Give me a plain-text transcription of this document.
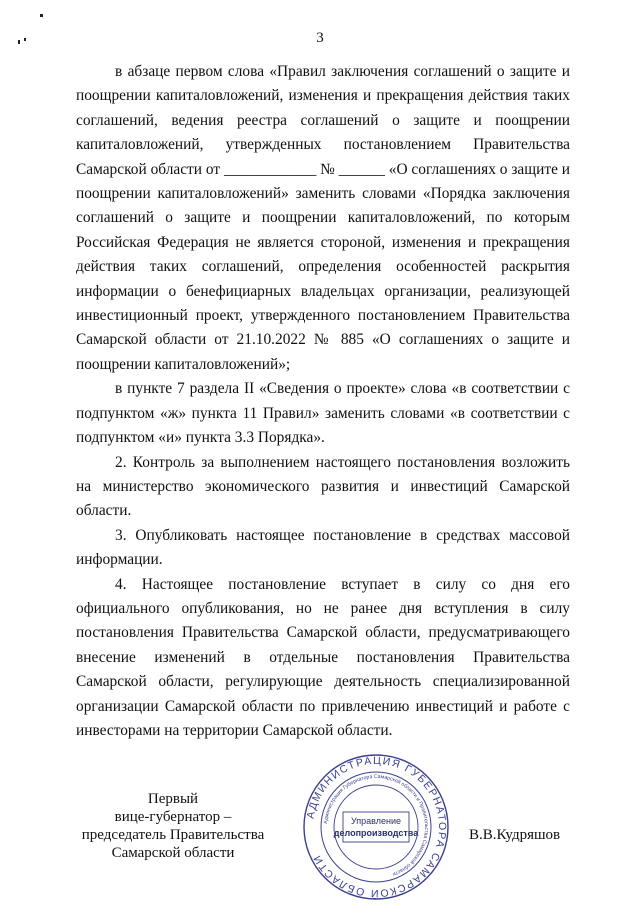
3

в абзаце первом слова «Правил заключения соглашений о защите и поощрении капиталовложений, изменения и прекращения действия таких соглашений, ведения реестра соглашений о защите и поощрении капиталовложений, утвержденных постановлением Правительства Самарской области от ____________ № ______ «О соглашениях о защите и поощрении капиталовложений» заменить словами «Порядка заключения соглашений о защите и поощрении капиталовложений, по которым Российская Федерация не является стороной, изменения и прекращения действия таких соглашений, определения особенностей раскрытия информации о бенефициарных владельцах организации, реализующей инвестиционный проект, утвержденного постановлением Правительства Самарской области от 21.10.2022 № 885 «О соглашениях о защите и поощрении капиталовложений»;

в пункте 7 раздела II «Сведения о проекте» слова «в соответствии с подпунктом «ж» пункта 11 Правил» заменить словами «в соответствии с подпунктом «и» пункта 3.3 Порядка».

2. Контроль за выполнением настоящего постановления возложить на министерство экономического развития и инвестиций Самарской области.

3. Опубликовать настоящее постановление в средствах массовой информации.

4. Настоящее постановление вступает в силу со дня его официального опубликования, но не ранее дня вступления в силу постановления Правительства Самарской области, предусматривающего внесение изменений в отдельные постановления Правительства Самарской области, регулирующие деятельность специализированной организации Самарской области по привлечению инвестиций и работе с инвесторами на территории Самарской области.

Первый
вице-губернатор –
председатель Правительства
Самарской области
В.В.Кудряшов
АДМИНИСТРАЦИЯ ГУБЕРНАТОРА САМАРСКОЙ ОБЛАСТИ
Администрация Губернатора Самарской области и Правительства Самарской области
Управление
делопроизводства
